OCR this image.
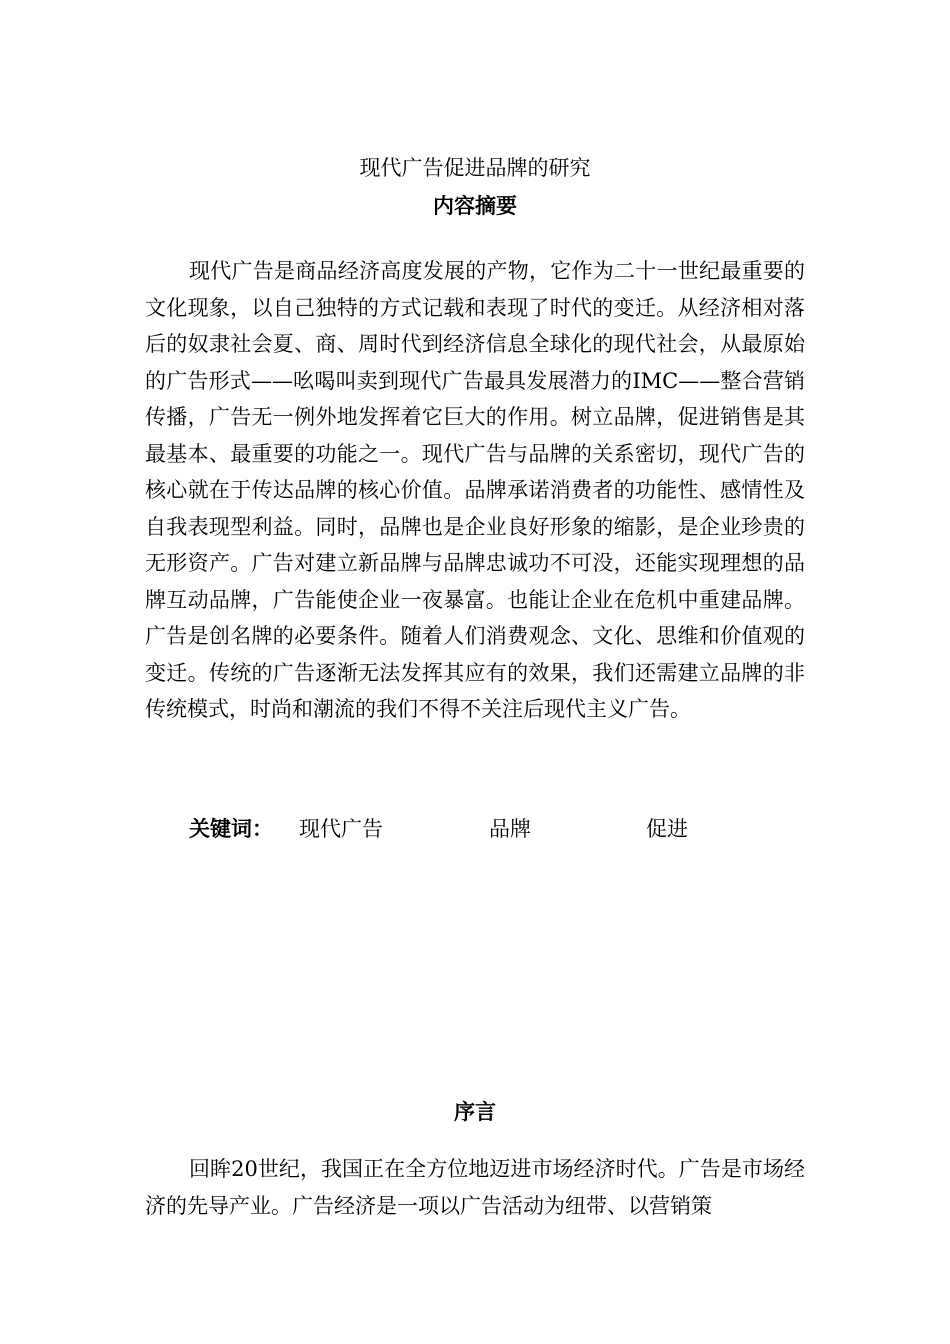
现代广告促进品牌的研究
内容摘要

现代广告是商品经济高度发展的产物，它作为二十一世纪最重要的文化现象，以自己独特的方式记载和表现了时代的变迁。从经济相对落后的奴隶社会夏、商、周时代到经济信息全球化的现代社会，从最原始的广告形式——吆喝叫卖到现代广告最具发展潜力的IMC——整合营销传播，广告无一例外地发挥着它巨大的作用。树立品牌，促进销售是其最基本、最重要的功能之一。现代广告与品牌的关系密切，现代广告的核心就在于传达品牌的核心价值。品牌承诺消费者的功能性、感情性及自我表现型利益。同时，品牌也是企业良好形象的缩影，是企业珍贵的无形资产。广告对建立新品牌与品牌忠诚功不可没，还能实现理想的品牌互动品牌，广告能使企业一夜暴富。也能让企业在危机中重建品牌。广告是创名牌的必要条件。随着人们消费观念、文化、思维和价值观的变迁。传统的广告逐渐无法发挥其应有的效果，我们还需建立品牌的非传统模式，时尚和潮流的我们不得不关注后现代主义广告。

关键词： 现代广告	品牌	促进
序言

回眸20世纪，我国正在全方位地迈进市场经济时代。广告是市场经济的先导产业。广告经济是一项以广告活动为纽带、以营销策
